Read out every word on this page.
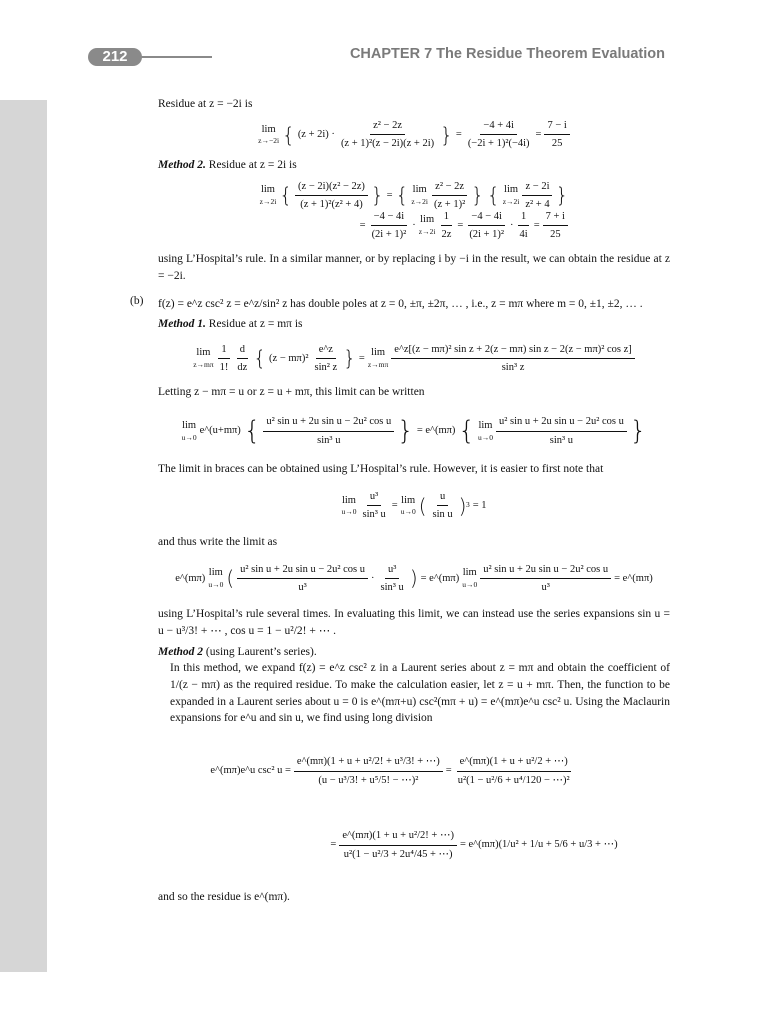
212	CHAPTER 7 The Residue Theorem Evaluation

Residue at z = −2i is

lim
z→−2i { $(z + 2i) \cdot \frac{\text{z² − 2z}}{\text{(z + 1)²(z − 2i)(z + 2i)}}$ } = $\frac{-4 + 4i}{\text{(−2i + 1)²(−4i)}} = \frac{7 - i}{25}$

Method 2. Residue at z = 2i is

lim
z→2i { $\frac{\text{(z − 2i)(z² − 2z)}}{\text{(z + 1)²(z² + 4)}}$ } = { lim
$z\to 2i \frac{\text{z² − 2z}}{\text{(z + 1)²}}$ } { lim
$z\to 2i \frac{z - 2i}{\text{z² + 4}}$ }
= $\frac{-4 - 4i}{\text{(2i + 1)²}} \cdot \lim$
$z\to 2i \frac{1}{2z} = \frac{-4 - 4i}{\text{(2i + 1)²}} \cdot \frac{1}{4i} = \frac{7 + i}{25}$

using L’Hospital’s rule. In a similar manner, or by replacing i by −i in the result, we can obtain the residue at z = −2i.

(b) f(z) = e^z csc² z = e^z/sin² z has double poles at z = 0, ±π, ±2π, … , i.e., z = mπ where m = 0, ±1, ±2, … .

Method 1. Residue at z = mπ is

lim
$z\to m\pi \frac{1}{1!} \frac{d}{dz}$ { $(z - m\pi)^2 \frac{e\^{}z}{\text{sin² z}}$ } = lim
$z\to m\pi \frac{\text{e\textasciicircum{}z[(z − mπ)² sin z + 2(z − mπ) sin z − 2(z − mπ)² cos z]}}{\text{sin³ z}}$

Letting z − mπ = u or z = u + mπ, this limit can be written

lim
u→0
e^(u+mπ) { $\frac{\text{u² sin u + 2u sin u − 2u² cos u}}{\text{sin³ u}}$ } = e^(mπ) { lim
$u\to 0 \frac{\text{u² sin u + 2u sin u − 2u² cos u}}{\text{sin³ u}}$ }

The limit in braces can be obtained using L’Hospital’s rule. However, it is easier to first note that

lim
$u\to 0 \frac{\text{u³}}{\text{sin³ u}} = \lim$
u→0 ( $\frac{u}{\text{sin u}}$ ) 3 = 1

and thus write the limit as

e^(mπ) lim
u→0 ( $\frac{\text{u² sin u + 2u sin u − 2u² cos u}}{\text{u³}} \cdot \frac{\text{u³}}{\text{sin³ u}}$ ) = e^(mπ) lim
$u\to 0 \frac{\text{u² sin u + 2u sin u − 2u² cos u}}{\text{u³}}$ = e^(mπ)

using L’Hospital’s rule several times. In evaluating this limit, we can instead use the series expansions sin u = u − u³/3! + ⋯ , cos u = 1 − u²/2! + ⋯ .

Method 2 (using Laurent’s series).

In this method, we expand f(z) = e^z csc² z in a Laurent series about z = mπ and obtain the coefficient of 1/(z − mπ) as the required residue. To make the calculation easier, let z = u + mπ. Then, the function to be expanded in a Laurent series about u = 0 is e^(mπ+u) csc²(mπ + u) = e^(mπ)e^u csc² u. Using the Maclaurin expansions for e^u and sin u, we find using long division

e^(mπ)e^u csc² $u = \frac{\text{e\textasciicircum{}(mπ)(1 + u + u²/2! + u³/3! + ⋯)}}{\text{(u − u³/3! + u⁵/5! − ⋯)²}} = \frac{\text{e\textasciicircum{}(mπ)(1 + u + u²/2 + ⋯)}}{\text{u²(1 − u²/6 + u⁴/120 − ⋯)²}}$
= $\frac{\text{e\textasciicircum{}(mπ)(1 + u + u²/2! + ⋯)}}{\text{u²(1 − u²/3 + 2u⁴/45 + ⋯)}}$ = e^(mπ)(1/u² + 1/u + 5/6 + u/3 + ⋯)

and so the residue is e^(mπ).
